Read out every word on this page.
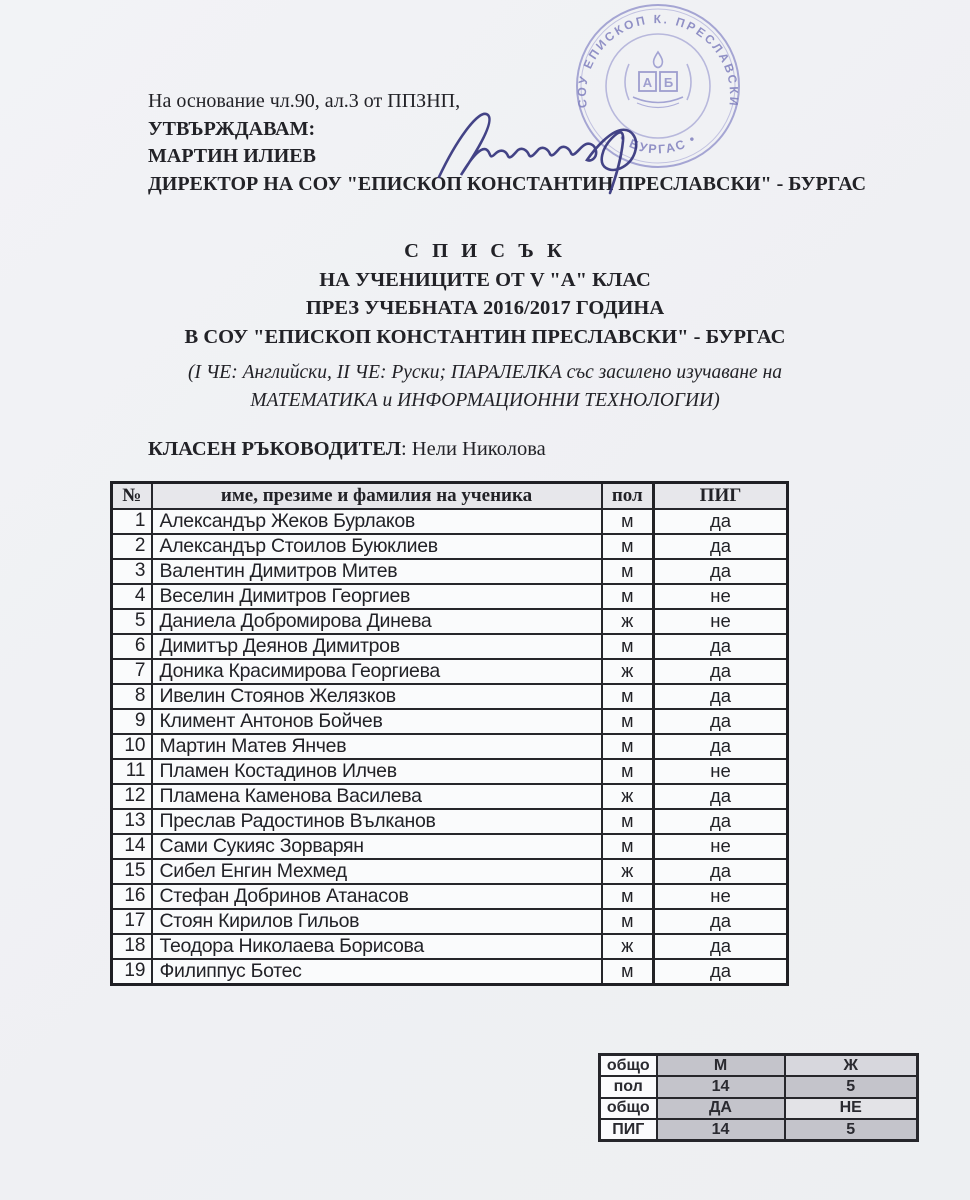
На основание чл.90, ал.3 от ППЗНП,
УТВЪРЖДАВАМ:
МАРТИН ИЛИЕВ
ДИРЕКТОР НА СОУ "ЕПИСКОП КОНСТАНТИН ПРЕСЛАВСКИ" - БУРГАС
СОУ ЕПИСКОП К. ПРЕСЛАВСКИ
• БУРГАС •
А Б
С П И С Ъ К
НА УЧЕНИЦИТЕ ОТ V "А" КЛАС
ПРЕЗ УЧЕБНАТА 2016/2017 ГОДИНА
В СОУ "ЕПИСКОП КОНСТАНТИН ПРЕСЛАВСКИ" - БУРГАС
(I ЧЕ: Английски, II ЧЕ: Руски; ПАРАЛЕЛКА със засилено изучаване на
МАТЕМАТИКА и ИНФОРМАЦИОННИ ТЕХНОЛОГИИ)
КЛАСЕН РЪКОВОДИТЕЛ: Нели Николова
№	име, презиме и фамилия на ученика	пол	ПИГ
1	Александър Жеков Бурлаков	м	да
2	Александър Стоилов Буюклиев	м	да
3	Валентин Димитров Митев	м	да
4	Веселин Димитров Георгиев	м	не
5	Даниела Добромирова Динева	ж	не
6	Димитър Деянов Димитров	м	да
7	Доника Красимирова Георгиева	ж	да
8	Ивелин Стоянов Желязков	м	да
9	Климент Антонов Бойчев	м	да
10	Мартин Матев Янчев	м	да
11	Пламен Костадинов Илчев	м	не
12	Пламена Каменова Василева	ж	да
13	Преслав Радостинов Вълканов	м	да
14	Сами Сукияс Зорварян	м	не
15	Сибел Енгин Мехмед	ж	да
16	Стефан Добринов Атанасов	м	не
17	Стоян Кирилов Гильов	м	да
18	Теодора Николаева Борисова	ж	да
19	Филиппус Ботес	м	да
общо	М	Ж
пол	14	5
общо	ДА	НЕ
ПИГ	14	5
